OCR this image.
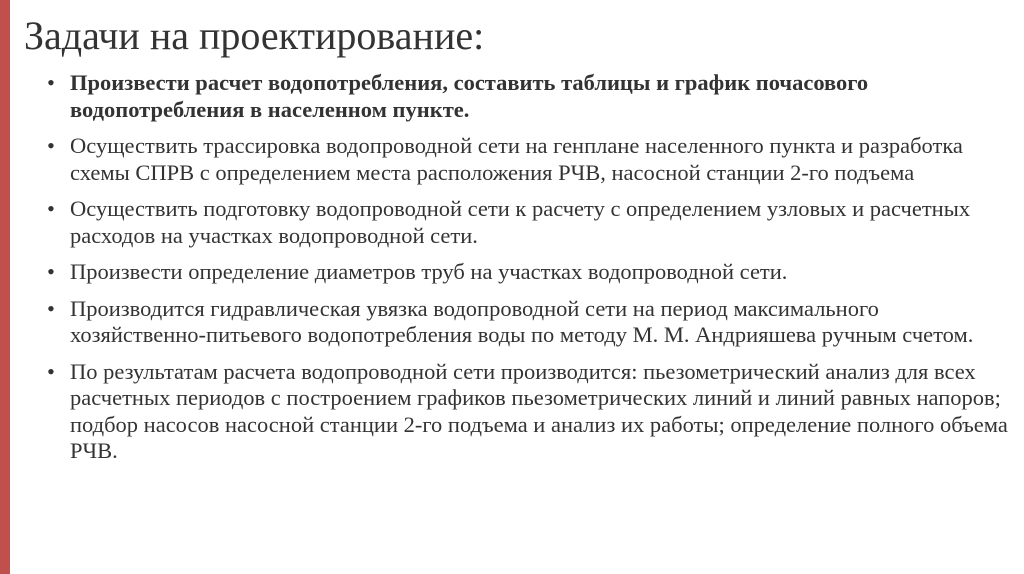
Задачи на проектирование:
• Произвести расчет водопотребления, составить таблицы и график почасового водопотребления в населенном пункте.
• Осуществить трассировка водопроводной сети на генплане населенного пункта и разработка схемы СПРВ с определением места расположения РЧВ, насосной станции 2-го подъема
• Осуществить подготовку водопроводной сети к расчету с определением узловых и расчетных расходов на участках водопроводной сети.
• Произвести определение диаметров труб на участках водопроводной сети.
• Производится гидравлическая увязка водопроводной сети на период максимального хозяйственно-питьевого водопотребления воды по методу М. М. Андрияшева ручным счетом.
• По результатам расчета водопроводной сети производится: пьезометрический анализ для всех расчетных периодов с построением графиков пьезометрических линий и линий равных напоров; подбор насосов насосной станции 2-го подъема и анализ их работы; определение полного объема РЧВ.
